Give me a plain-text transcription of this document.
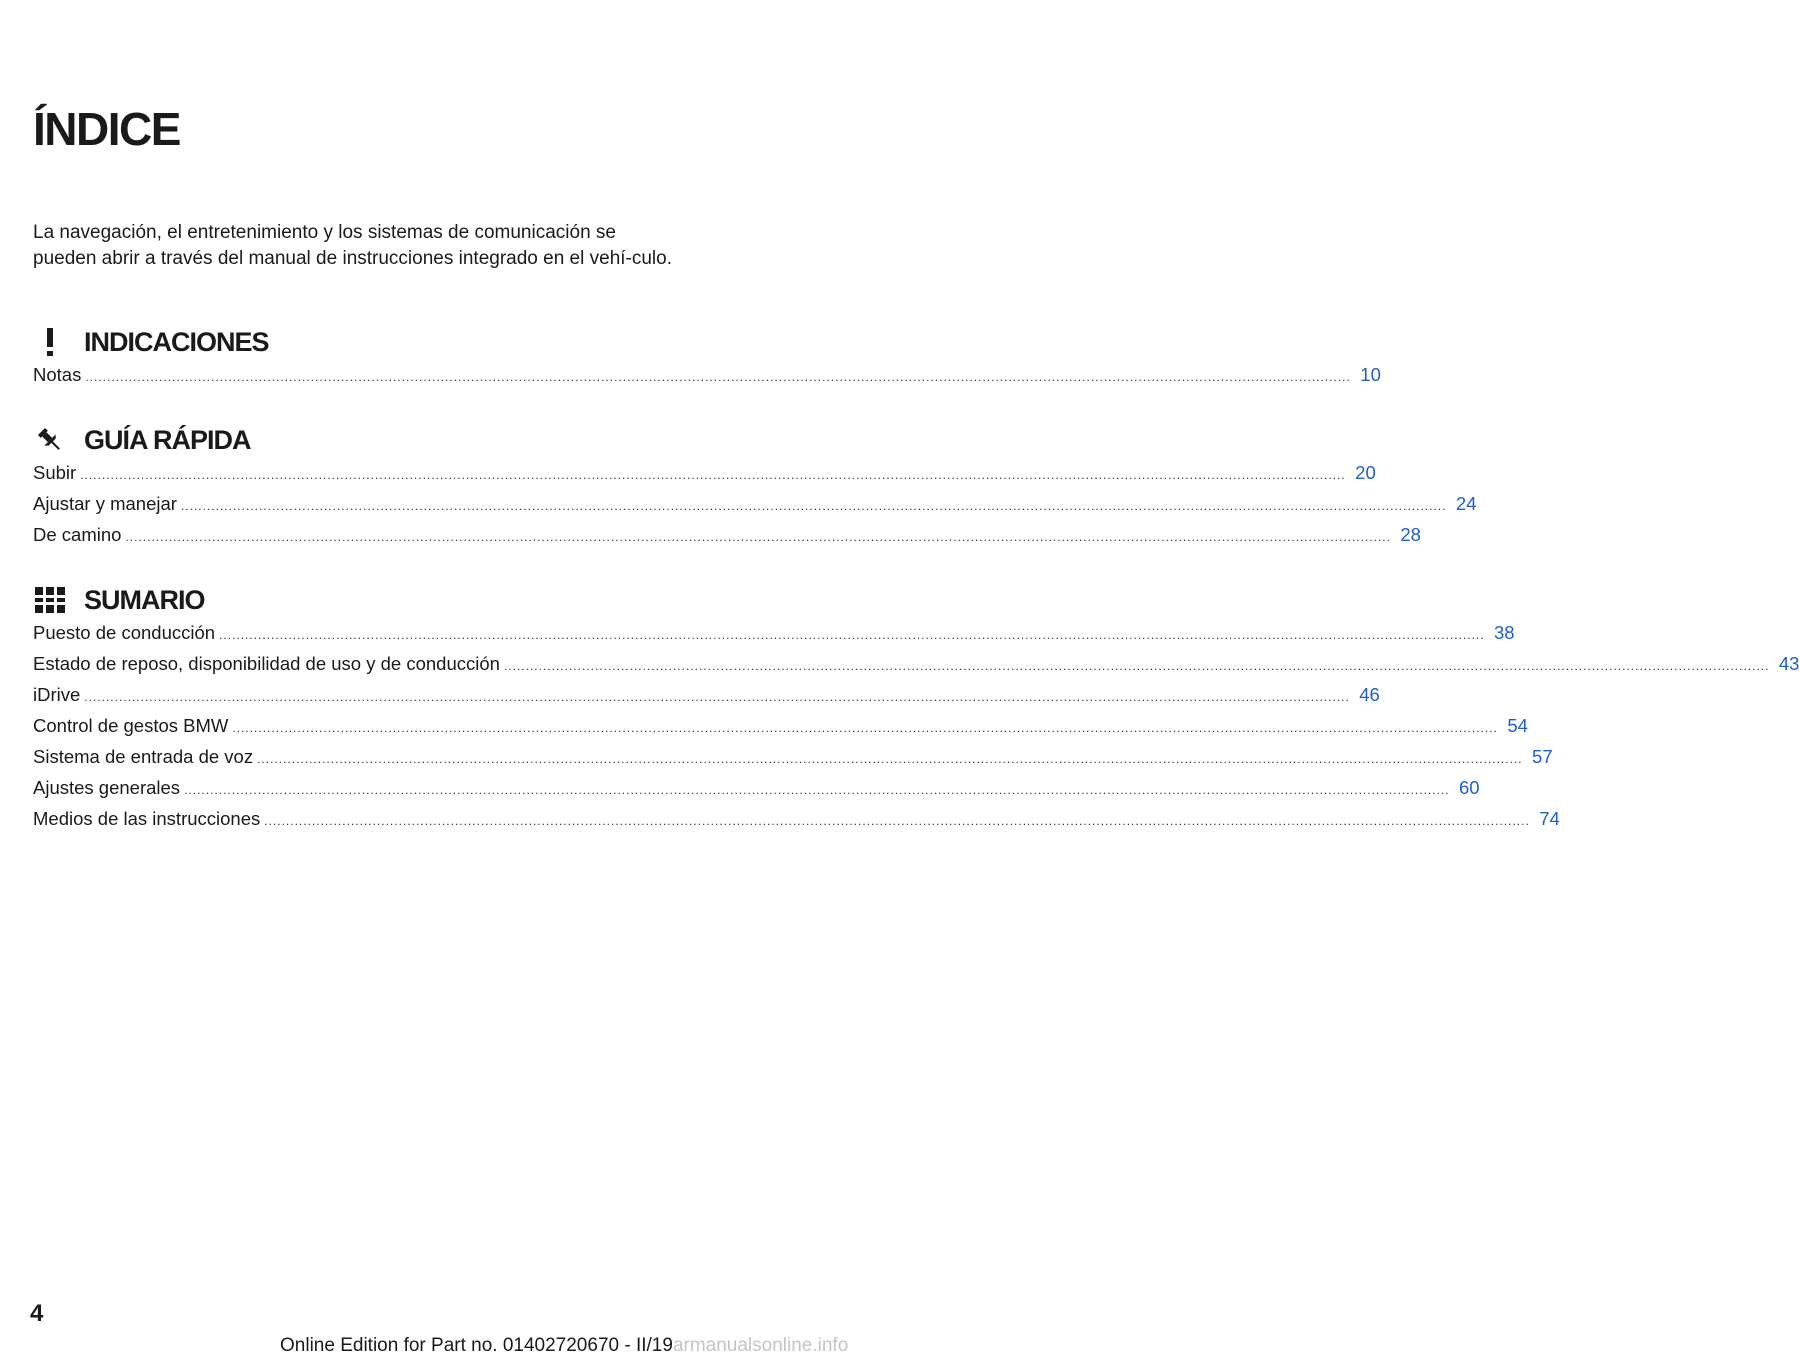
ÍNDICE

La navegación, el entretenimiento y los sistemas de comunicación se pueden abrir a través del manual de instrucciones integrado en el vehí-culo.

INDICACIONES
Notas .................................................................................................................................................................................................................................................................................................... 10
GUÍA RÁPIDA
Subir .................................................................................................................................................................................................................................................................................................... 20
Ajustar y manejar .................................................................................................................................................................................................................................................................................................... 24
De camino .................................................................................................................................................................................................................................................................................................... 28
SUMARIO
Puesto de conducción .................................................................................................................................................................................................................................................................................................... 38
Estado de reposo, disponibilidad de uso y de conducción .................................................................................................................................................................................................................................................................................................... 43
iDrive .................................................................................................................................................................................................................................................................................................... 46
Control de gestos BMW .................................................................................................................................................................................................................................................................................................... 54
Sistema de entrada de voz .................................................................................................................................................................................................................................................................................................... 57
Ajustes generales .................................................................................................................................................................................................................................................................................................... 60
Medios de las instrucciones .................................................................................................................................................................................................................................................................................................... 74

4

Online Edition for Part no. 01402720670 - II/19armanualsonline.info
